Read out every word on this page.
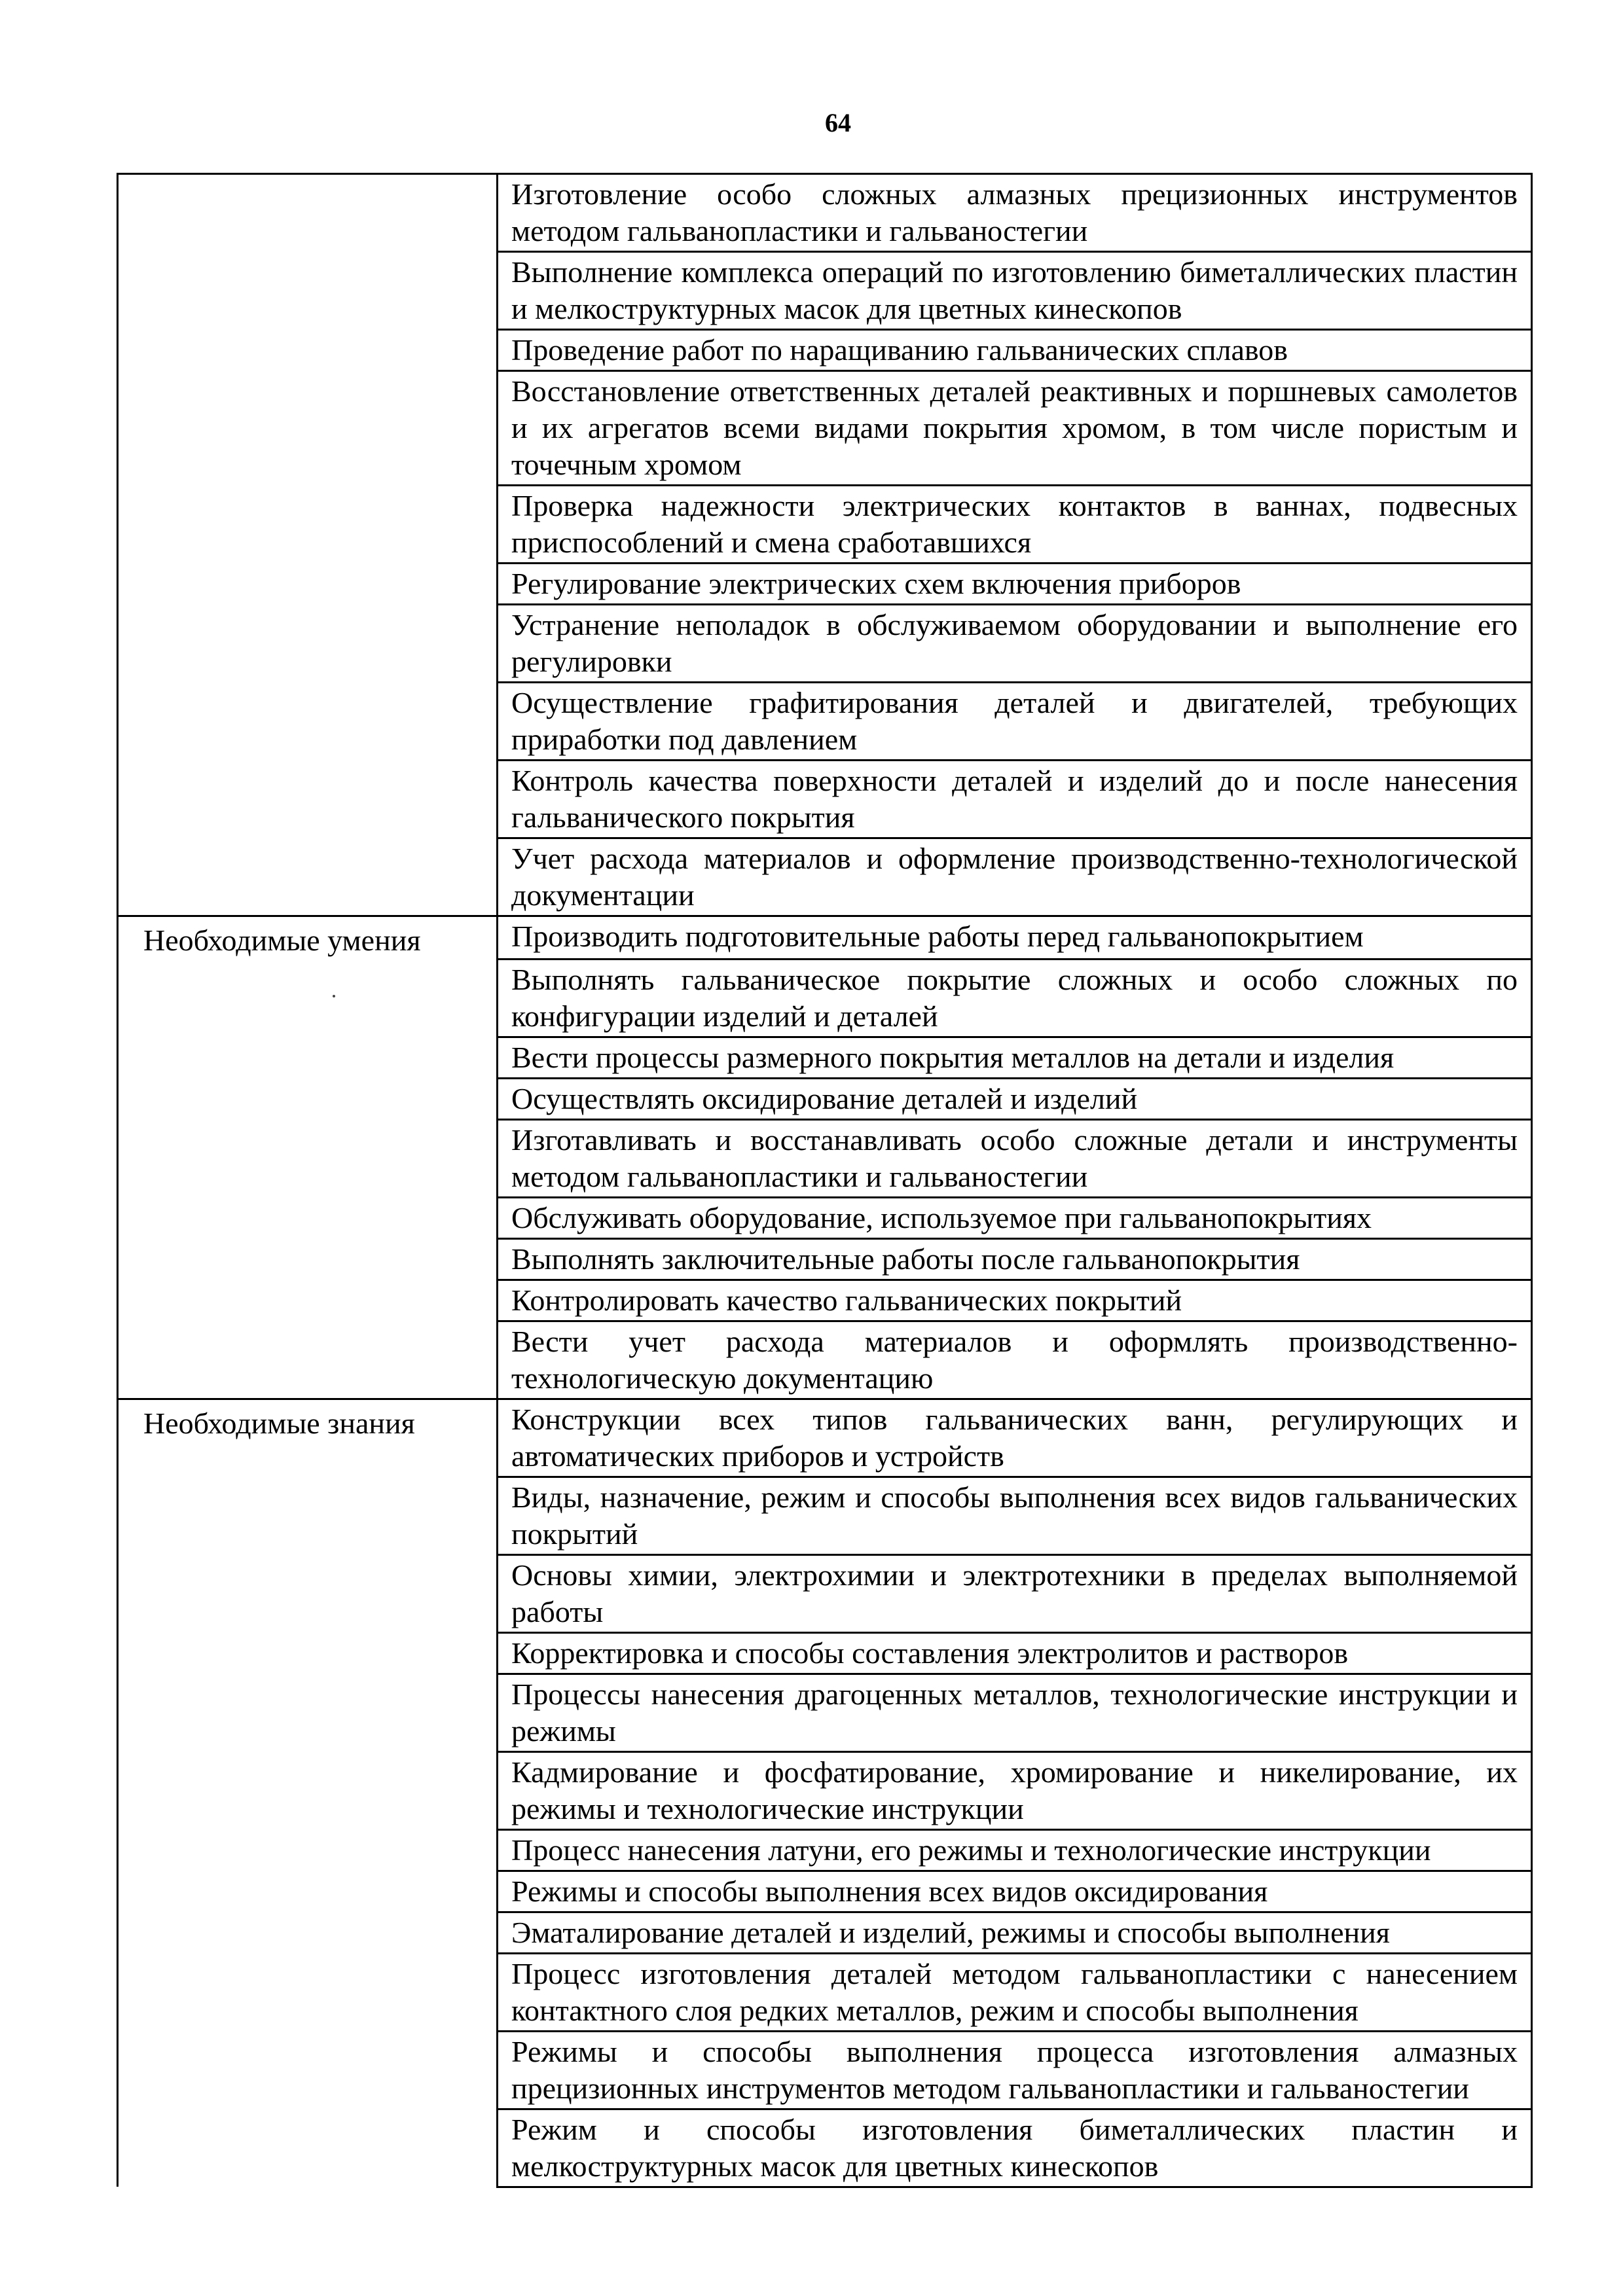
64
	Изготовление особо сложных алмазных прецизионных инструментов методом гальванопластики и гальваностегии
	Выполнение комплекса операций по изготовлению биметаллических пластин и мелкоструктурных масок для цветных кинескопов
	Проведение работ по наращиванию гальванических сплавов
	Восстановление ответственных деталей реактивных и поршневых самолетов и их агрегатов всеми видами покрытия хромом, в том числе пористым и точечным хромом
	Проверка надежности электрических контактов в ваннах, подвесных приспособлений и смена сработавшихся
	Регулирование электрических схем включения приборов
	Устранение неполадок в обслуживаемом оборудовании и выполнение его регулировки
	Осуществление графитирования деталей и двигателей, требующих приработки под давлением
	Контроль качества поверхности деталей и изделий до и после нанесения гальванического покрытия
	Учет расхода материалов и оформление производственно-технологической документации
Необходимые умения	Производить подготовительные работы перед гальванопокрытием
	Выполнять гальваническое покрытие сложных и особо сложных по конфигурации изделий и деталей
	Вести процессы размерного покрытия металлов на детали и изделия
	Осуществлять оксидирование деталей и изделий
	Изготавливать и восстанавливать особо сложные детали и инструменты методом гальванопластики и гальваностегии
	Обслуживать оборудование, используемое при гальванопокрытиях
	Выполнять заключительные работы после гальванопокрытия
	Контролировать качество гальванических покрытий
	Вести учет расхода материалов и оформлять производственно-технологическую документацию
Необходимые знания	Конструкции всех типов гальванических ванн, регулирующих и автоматических приборов и устройств
	Виды, назначение, режим и способы выполнения всех видов гальванических покрытий
	Основы химии, электрохимии и электротехники в пределах выполняемой работы
	Корректировка и способы составления электролитов и растворов
	Процессы нанесения драгоценных металлов, технологические инструкции и режимы
	Кадмирование и фосфатирование, хромирование и никелирование, их режимы и технологические инструкции
	Процесс нанесения латуни, его режимы и технологические инструкции
	Режимы и способы выполнения всех видов оксидирования
	Эматалирование деталей и изделий, режимы и способы выполнения
	Процесс изготовления деталей методом гальванопластики с нанесением контактного слоя редких металлов, режим и способы выполнения
	Режимы и способы выполнения процесса изготовления алмазных прецизионных инструментов методом гальванопластики и гальваностегии
	Режим и способы изготовления биметаллических пластин и мелкоструктурных масок для цветных кинескопов
